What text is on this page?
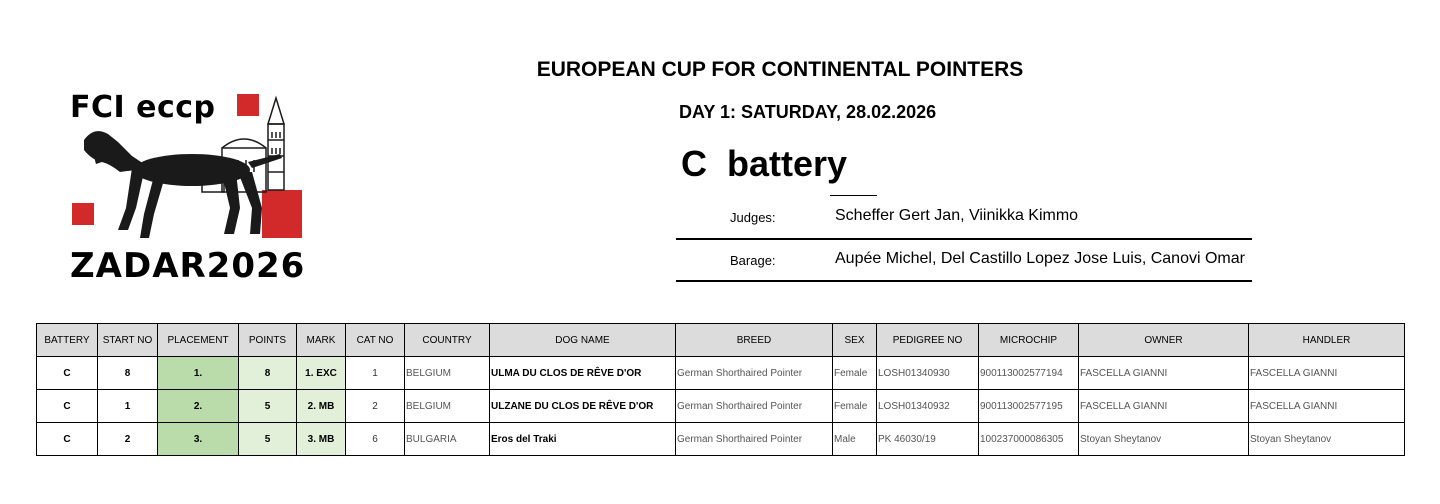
FCI eccp
ZADAR2026
EUROPEAN CUP FOR CONTINENTAL POINTERS
DAY 1: SATURDAY, 28.02.2026
C battery
Judges:	Scheffer Gert Jan, Viinikka Kimmo
Barage:	Aupée Michel, Del Castillo Lopez Jose Luis, Canovi Omar
BATTERY	START NO	PLACEMENT	POINTS	MARK	CAT NO	COUNTRY	DOG NAME	BREED	SEX	PEDIGREE NO	MICROCHIP	OWNER	HANDLER
C	8	1.	8	1. EXC	1	BELGIUM	ULMA DU CLOS DE RÊVE D'OR	German Shorthaired Pointer	Female	LOSH01340930	900113002577194	FASCELLA GIANNI	FASCELLA GIANNI
C	1	2.	5	2. MB	2	BELGIUM	ULZANE DU CLOS DE RÊVE D'OR	German Shorthaired Pointer	Female	LOSH01340932	900113002577195	FASCELLA GIANNI	FASCELLA GIANNI
C	2	3.	5	3. MB	6	BULGARIA	Eros del Traki	German Shorthaired Pointer	Male	PK 46030/19	100237000086305	Stoyan Sheytanov	Stoyan Sheytanov
